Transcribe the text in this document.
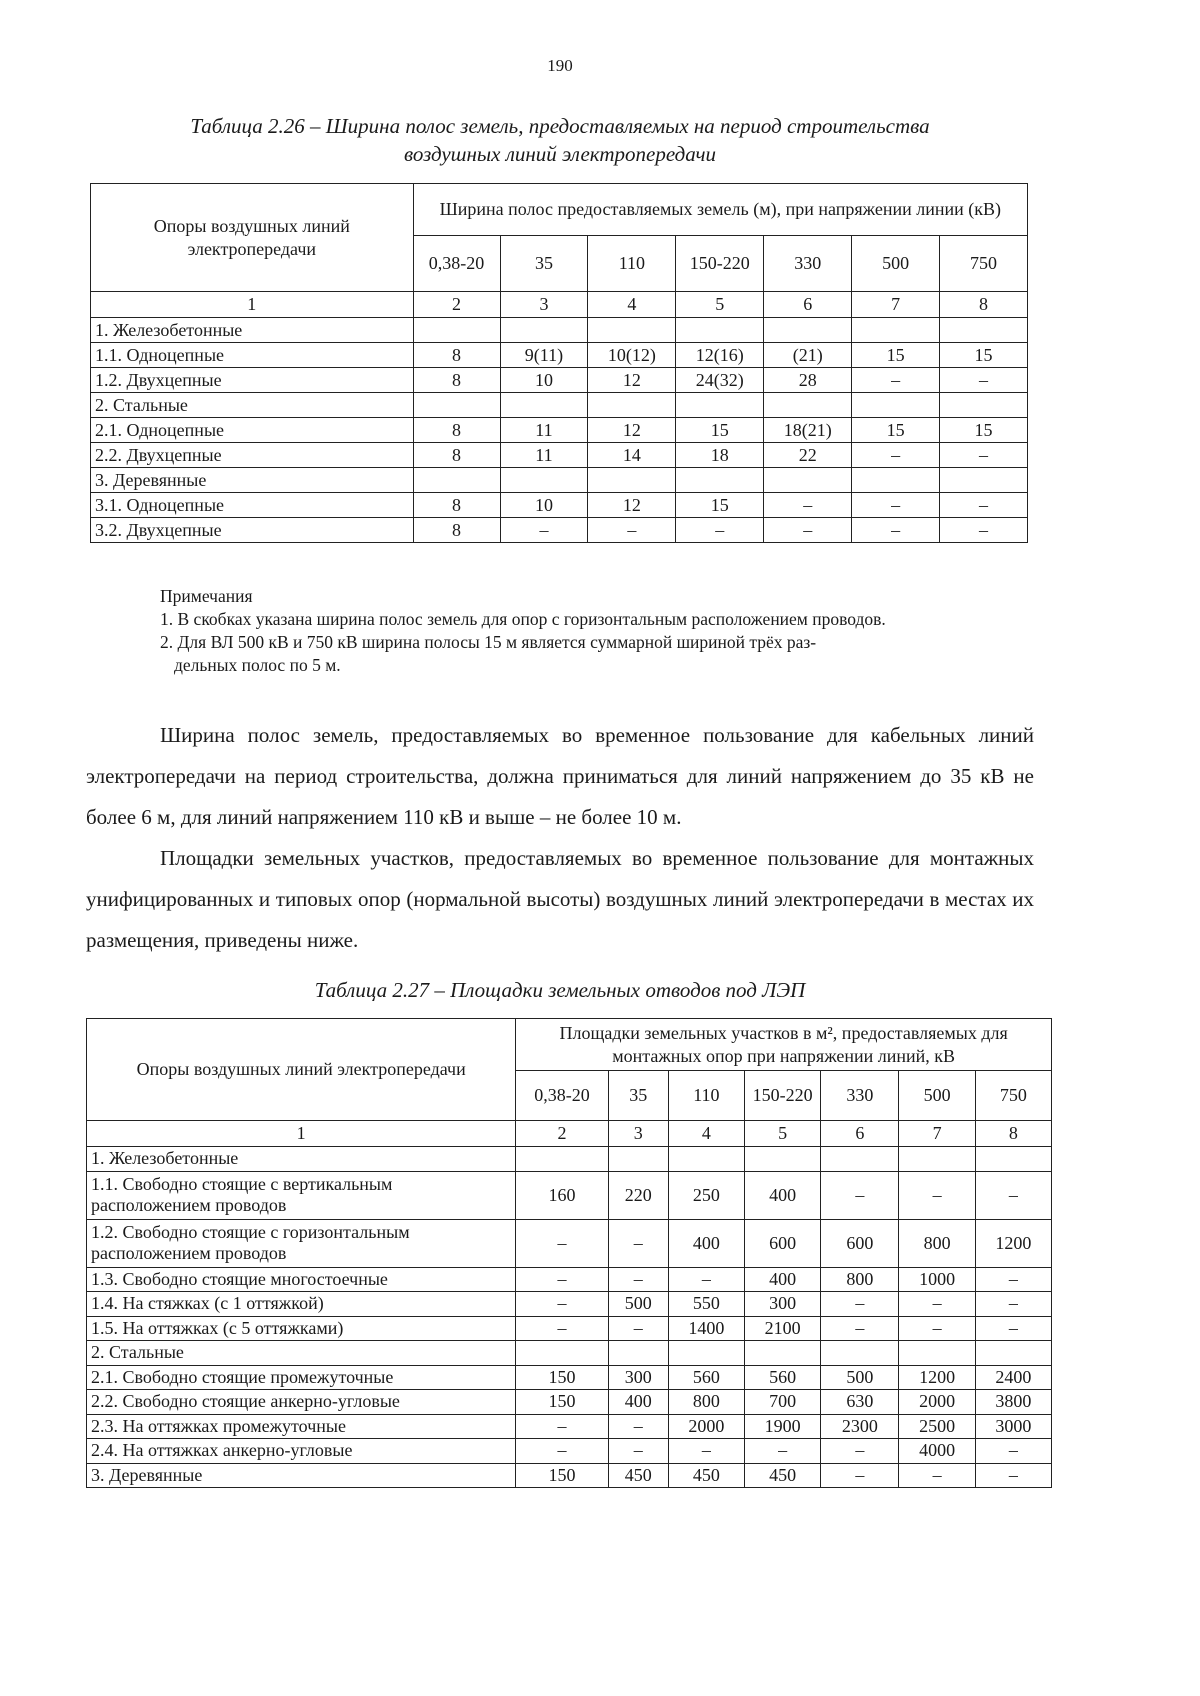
190
Таблица 2.26 – Ширина полос земель, предоставляемых на период строительства
воздушных линий электропередачи
Опоры воздушных линий электропередачи	Ширина полос предоставляемых земель (м), при напряжении линии (кВ)						
	0,38-20	35	110	150-220	330	500	750
1	2	3	4	5	6	7	8
1. Железобетонные							
1.1. Одноцепные	8	9(11)	10(12)	12(16)	(21)	15	15
1.2. Двухцепные	8	10	12	24(32)	28	–	–
2. Стальные							
2.1. Одноцепные	8	11	12	15	18(21)	15	15
2.2. Двухцепные	8	11	14	18	22	–	–
3. Деревянные							
3.1. Одноцепные	8	10	12	15	–	–	–
3.2. Двухцепные	8	–	–	–	–	–	–

Примечания

1. В скобках указана ширина полос земель для опор с горизонтальным расположением проводов.

2. Для ВЛ 500 кВ и 750 кВ ширина полосы 15 м является суммарной шириной трёх раз-

дельных полос по 5 м.

Ширина полос земель, предоставляемых во временное пользование для кабельных линий электропередачи на период строительства, должна приниматься для линий напряжением до 35 кВ не более 6 м, для линий напряжением 110 кВ и выше – не более 10 м.

Площадки земельных участков, предоставляемых во временное пользование для монтажных унифицированных и типовых опор (нормальной высоты) воздушных линий электропередачи в местах их размещения, приведены ниже.

Таблица 2.27 – Площадки земельных отводов под ЛЭП
Опоры воздушных линий электропередачи	Площадки земельных участков в м², предоставляемых для монтажных опор при напряжении линий, кВ						
	0,38-20	35	110	150-220	330	500	750
1	2	3	4	5	6	7	8
1. Железобетонные							
1.1. Свободно стоящие с вертикальным расположением проводов	160	220	250	400	–	–	–
1.2. Свободно стоящие с горизонтальным расположением проводов	–	–	400	600	600	800	1200
1.3. Свободно стоящие многостоечные	–	–	–	400	800	1000	–
1.4. На стяжках (с 1 оттяжкой)	–	500	550	300	–	–	–
1.5. На оттяжках (с 5 оттяжками)	–	–	1400	2100	–	–	–
2. Стальные							
2.1. Свободно стоящие промежуточные	150	300	560	560	500	1200	2400
2.2. Свободно стоящие анкерно-угловые	150	400	800	700	630	2000	3800
2.3. На оттяжках промежуточные	–	–	2000	1900	2300	2500	3000
2.4. На оттяжках анкерно-угловые	–	–	–	–	–	4000	–
3. Деревянные	150	450	450	450	–	–	–
